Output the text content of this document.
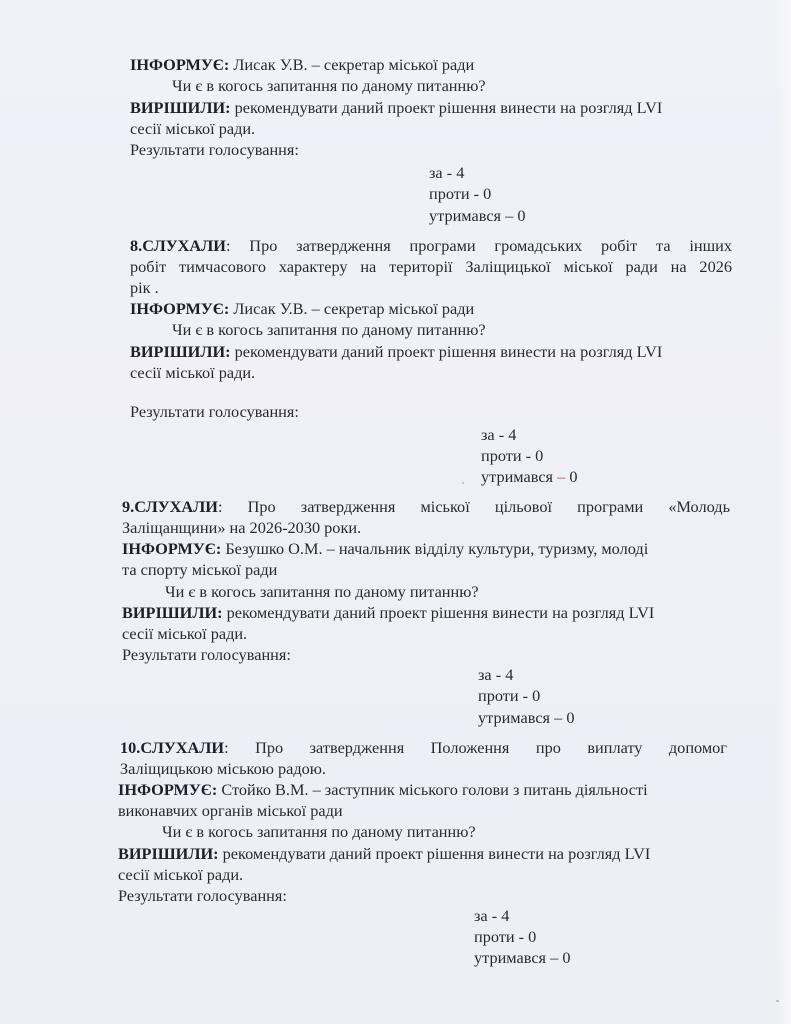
ІНФОРМУЄ: Лисак У.В. – секретар міської ради
Чи є в когось запитання по даному питанню?
ВИРІШИЛИ: рекомендувати даний проект рішення винести на розгляд LVI
сесії міської ради.
Результати голосування:
за - 4
проти - 0
утримався – 0
8.СЛУХАЛИ: Про затвердження програми громадських робіт та інших
робіт тимчасового характеру на території Заліщицької міської ради на 2026
рік .
ІНФОРМУЄ: Лисак У.В. – секретар міської ради
Чи є в когось запитання по даному питанню?
ВИРІШИЛИ: рекомендувати даний проект рішення винести на розгляд LVI
сесії міської ради.
Результати голосування:
за - 4
проти - 0
утримався – 0
9.СЛУХАЛИ: Про затвердження міської цільової програми «Молодь
Заліщанщини» на 2026-2030 роки.
ІНФОРМУЄ: Безушко О.М. – начальник відділу культури, туризму, молоді
та спорту міської ради
Чи є в когось запитання по даному питанню?
ВИРІШИЛИ: рекомендувати даний проект рішення винести на розгляд LVI
сесії міської ради.
Результати голосування:
за - 4
проти - 0
утримався – 0
10.СЛУХАЛИ: Про затвердження Положення про виплату допомог
Заліщицькою міською радою.
ІНФОРМУЄ: Стойко В.М. – заступник міського голови з питань діяльності
виконавчих органів міської ради
Чи є в когось запитання по даному питанню?
ВИРІШИЛИ: рекомендувати даний проект рішення винести на розгляд LVI
сесії міської ради.
Результати голосування:
за - 4
проти - 0
утримався – 0
